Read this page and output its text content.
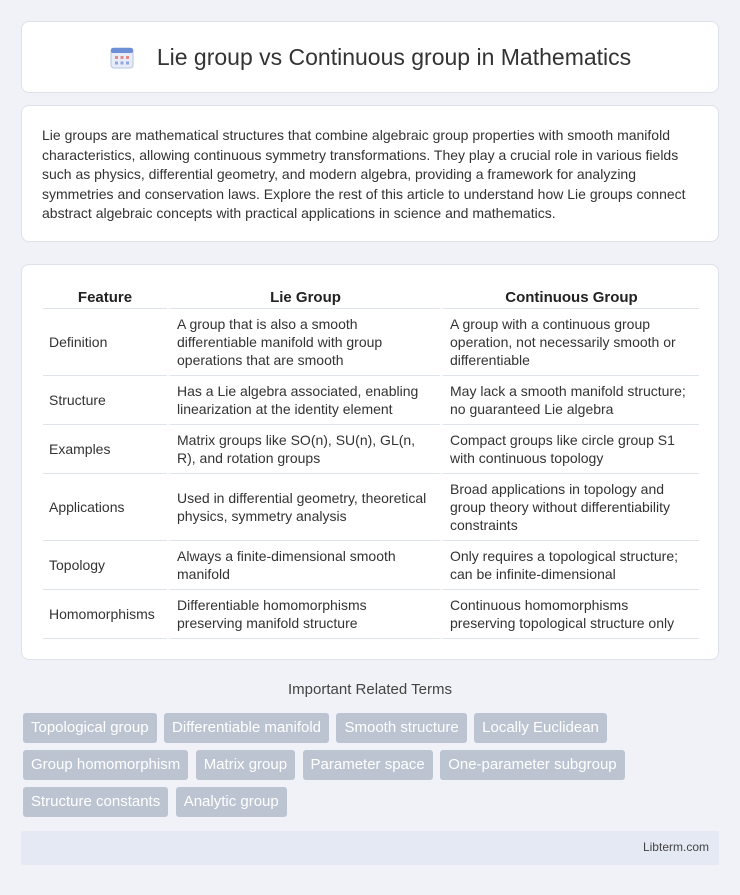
Lie group vs Continuous group in Mathematics

Lie groups are mathematical structures that combine algebraic group properties with smooth manifold characteristics, allowing continuous symmetry transformations. They play a crucial role in various fields such as physics, differential geometry, and modern algebra, providing a framework for analyzing symmetries and conservation laws. Explore the rest of this article to understand how Lie groups connect abstract algebraic concepts with practical applications in science and mathematics.

Feature	Lie Group	Continuous Group
Definition	A group that is also a smooth differentiable manifold with group operations that are smooth	A group with a continuous group operation, not necessarily smooth or differentiable
Structure	Has a Lie algebra associated, enabling linearization at the identity element	May lack a smooth manifold structure; no guaranteed Lie algebra
Examples	Matrix groups like SO(n), SU(n), GL(n, R), and rotation groups	Compact groups like circle group S1 with continuous topology
Applications	Used in differential geometry, theoretical physics, symmetry analysis	Broad applications in topology and group theory without differentiability constraints
Topology	Always a finite-dimensional smooth manifold	Only requires a topological structure; can be infinite-dimensional
Homomorphisms	Differentiable homomorphisms preserving manifold structure	Continuous homomorphisms preserving topological structure only
Important Related Terms
Topological group Differentiable manifold Smooth structure Locally Euclidean Group homomorphism Matrix group Parameter space One-parameter subgroup Structure constants Analytic group
Libterm.com
